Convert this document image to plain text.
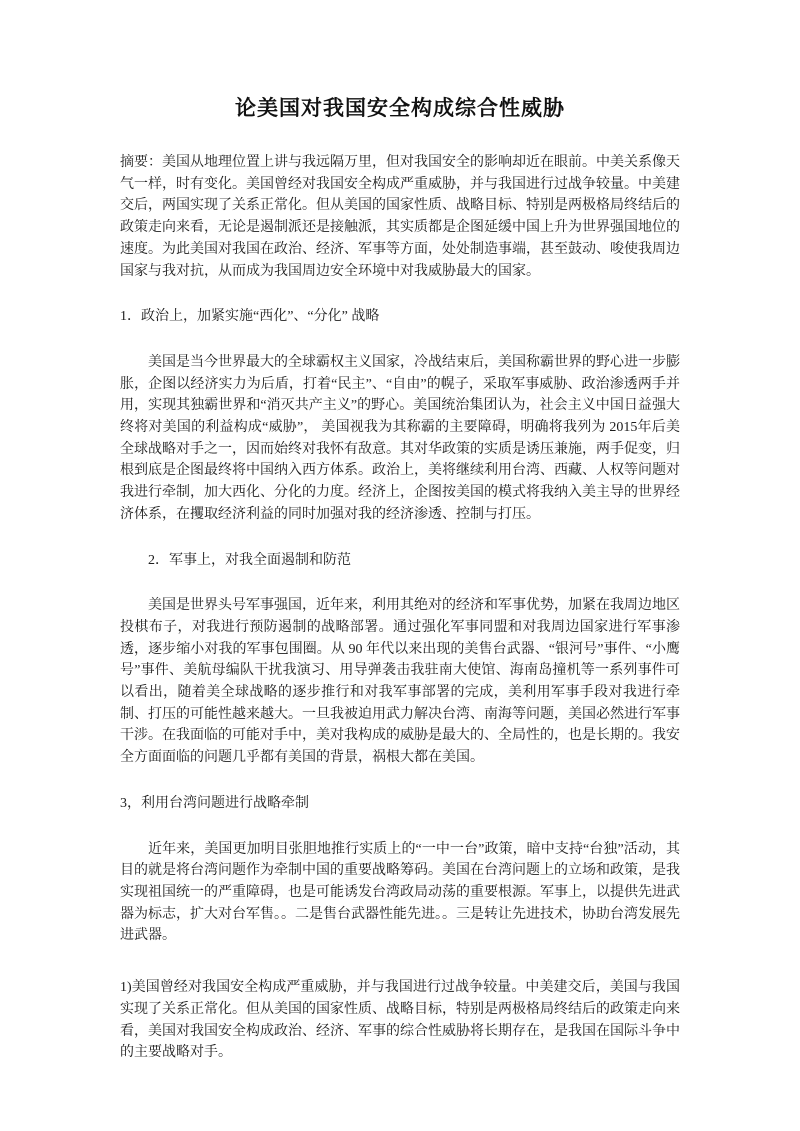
论美国对我国安全构成综合性威胁

摘要：美国从地理位置上讲与我远隔万里，但对我国安全的影响却近在眼前。中美关系像天气一样，时有变化。美国曾经对我国安全构成严重威胁，并与我国进行过战争较量。中美建交后，两国实现了关系正常化。但从美国的国家性质、战略目标、特别是两极格局终结后的政策走向来看，无论是遏制派还是接触派，其实质都是企图延缓中国上升为世界强国地位的速度。为此美国对我国在政治、经济、军事等方面，处处制造事端，甚至鼓动、唆使我周边国家与我对抗，从而成为我国周边安全环境中对我威胁最大的国家。

1．政治上，加紧实施“西化”、“分化” 战略

美国是当今世界最大的全球霸权主义国家，冷战结束后，美国称霸世界的野心进一步膨胀，企图以经济实力为后盾，打着“民主”、“自由”的幌子，采取军事威胁、政治渗透两手并用，实现其独霸世界和“消灭共产主义”的野心。美国统治集团认为，社会主义中国日益强大终将对美国的利益构成“威胁”， 美国视我为其称霸的主要障碍，明确将我列为 2015年后美全球战略对手之一，因而始终对我怀有敌意。其对华政策的实质是诱压兼施，两手促变，归根到底是企图最终将中国纳入西方体系。政治上，美将继续利用台湾、西藏、人权等问题对我进行牵制，加大西化、分化的力度。经济上，企图按美国的模式将我纳入美主导的世界经济体系，在攫取经济利益的同时加强对我的经济渗透、控制与打压。

2．军事上，对我全面遏制和防范

美国是世界头号军事强国，近年来，利用其绝对的经济和军事优势，加紧在我周边地区投棋布子，对我进行预防遏制的战略部署。通过强化军事同盟和对我周边国家进行军事渗透，逐步缩小对我的军事包围圈。从 90 年代以来出现的美售台武器、“银河号”事件、“小鹰号”事件、美航母编队干扰我演习、用导弹袭击我驻南大使馆、海南岛撞机等一系列事件可以看出，随着美全球战略的逐步推行和对我军事部署的完成，美利用军事手段对我进行牵制、打压的可能性越来越大。一旦我被迫用武力解决台湾、南海等问题，美国必然进行军事干涉。在我面临的可能对手中，美对我构成的威胁是最大的、全局性的，也是长期的。我安全方面面临的问题几乎都有美国的背景，祸根大都在美国。

3，利用台湾问题进行战略牵制

近年来，美国更加明目张胆地推行实质上的“一中一台”政策，暗中支持“台独”活动，其目的就是将台湾问题作为牵制中国的重要战略筹码。美国在台湾问题上的立场和政策，是我实现祖国统一的严重障碍，也是可能诱发台湾政局动荡的重要根源。军事上，以提供先进武器为标志，扩大对台军售。。二是售台武器性能先进。。三是转让先进技术，协助台湾发展先进武器。

1)美国曾经对我国安全构成严重威胁，并与我国进行过战争较量。中美建交后，美国与我国实现了关系正常化。但从美国的国家性质、战略目标，特别是两极格局终结后的政策走向来看，美国对我国安全构成政治、经济、军事的综合性威胁将长期存在，是我国在国际斗争中的主要战略对手。
